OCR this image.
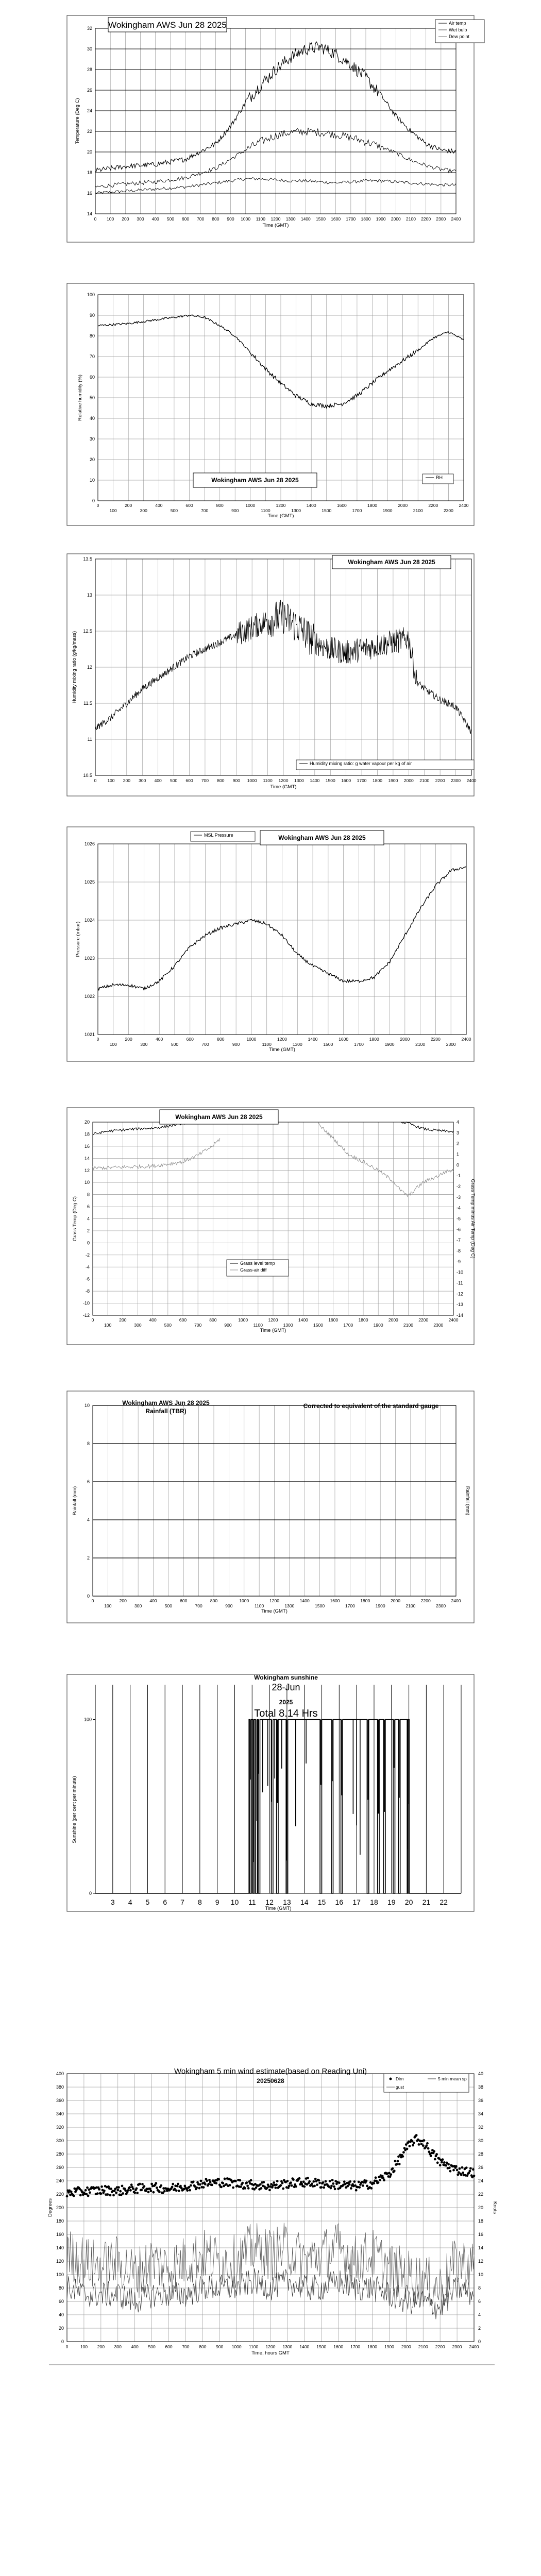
14
16
18
20
22
24
26
28
30
32
0 100 200 300 400 500 600 700 800 900 1000 1100 1200 1300 1400 1500 1600 1700 1800 1900 2000 2100 2200 2300 2400
Time (GMT)
Temperature (Deg C)
Wokingham AWS Jun 28 2025	Air temp
Wet bulb
Dew point
0
10
20
30
40
50
60
70
80
90
100
0	200	400	600	800	1000	1200	1400	1600	1800	2000	2200	2400
100	300	500	700	900	1100	1300	1500	1700	1900	2100	2300
Time (GMT)
Relative humidity (%)
Wokingham AWS Jun 28 2025	RH
10.5
11
11.5
12
12.5
13
13.5
0 100 200 300 400 500 600 700 800 900 1000 1100 1200 1300 1400 1500 1600 1700 1800 1900 2000 2100 2200 2300 2400
Time (GMT)
Humidity mixing ratio (g/kg/mass)
Wokingham AWS Jun 28 2025
Humidity mixing ratio: g water vapour per kg of air
1021
1022
1023
1024
1025
1026
0	200	400	600	800	1000	1200	1400	1600	1800	2000	2200	2400
100	300	500	700	900	1100	1300	1500	1700	1900	2100	2300
Time (GMT)
Pressure (mbar)
Wokingham AWS Jun 28 2025
MSL Pressure
-12
-10
-8
-6
-4
-2
0
2
4
6
8
10
12
14
16
18
20
0	200	400	600	800	1000	1200	1400	1600	1800	2000	2200	2400
100	300	500	700	900	1100	1300	1500	1700	1900	2100	2300
Time (GMT)
Grass Temp (Deg C)
-14
-13
-12
-11
-10
-9
-8
-7
-6
-5
-4
-3
-2
-1
0
1
2
3
4
Grass Temp minus Air Temp (Deg C)
Wokingham AWS Jun 28 2025
Grass level temp
Grass-air diff
0
2
4
6
8
10
0	200	400	600	800	1000	1200	1400	1600	1800	2000	2200	2400
100	300	500	700	900	1100	1300	1500	1700	1900	2100	2300
Time (GMT)
Rainfall (mm)	Rainfall (mm)
Wokingham AWS Jun 28 2025
Rainfall (TBR)
Corrected to equivalent of the standard gauge
0
100
3 4 5 6 7 8 9 10 11 12 13 14 15 16 17 18 19 20 21 22
Time (GMT)
Sunshine (per cent per minute)
Wokingham sunshine
28-Jun
2025
Total 8.14 Hrs
0
20
40
60
80
100
120
140
160
180
200
220
240
260
280
300
320
340
360
380
400
0	100 200 300 400 500 600 700 800 900 1000 1100 1200 1300 1400 1500 1600 1700 1800 1900 2000 2100 2200 2300 2400
Time, hours GMT
Degrees
0
2
4
6
8
10
12
14
16
18
20
22
24
26
28
30
32
34
36
38
40
Knots
Wokingham 5 min wind estimate(based on Reading Uni)
20250628	Dirn
gust
5 min mean sp
